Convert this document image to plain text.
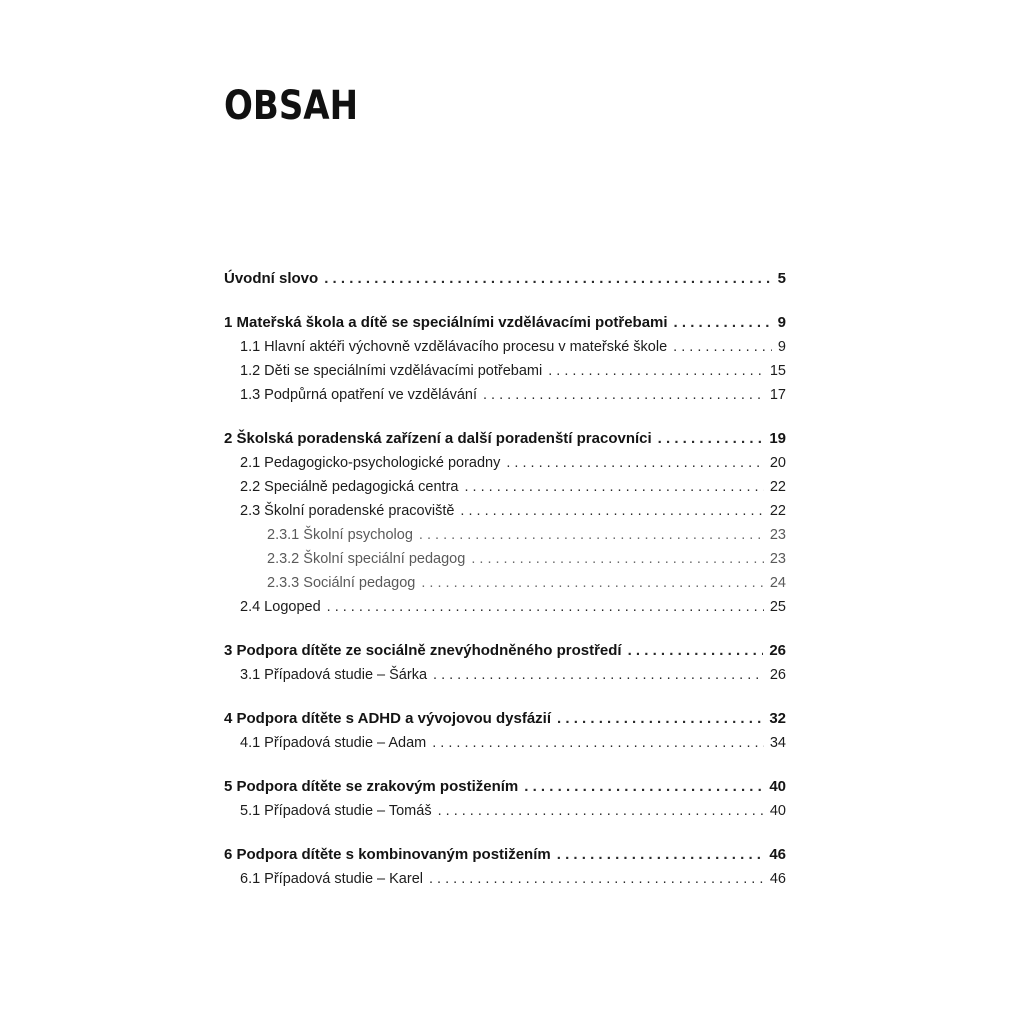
OBSAH
Úvodní slovo . . .	5
1 Mateřská škola a dítě se speciálními vzdělávacími potřebami . . .	9
1.1 Hlavní aktéři výchovně vzdělávacího procesu v mateřské škole . . .	9
1.2 Děti se speciálními vzdělávacími potřebami . . .	15
1.3 Podpůrná opatření ve vzdělávání . . .	17
2 Školská poradenská zařízení a další poradenští pracovníci . . .	19
2.1 Pedagogicko-psychologické poradny . . .	20
2.2 Speciálně pedagogická centra . . .	22
2.3 Školní poradenské pracoviště . . .	22
2.3.1 Školní psycholog . . .	23
2.3.2 Školní speciální pedagog . . .	23
2.3.3 Sociální pedagog . . .	24
2.4 Logoped . . .	25
3 Podpora dítěte ze sociálně znevýhodněného prostředí . . .	26
3.1 Případová studie – Šárka . . .	26
4 Podpora dítěte s ADHD a vývojovou dysfázií . . .	32
4.1 Případová studie – Adam . . .	34
5 Podpora dítěte se zrakovým postižením . . .	40
5.1 Případová studie – Tomáš . . .	40
6 Podpora dítěte s kombinovaným postižením . . .	46
6.1 Případová studie – Karel . . .	46
